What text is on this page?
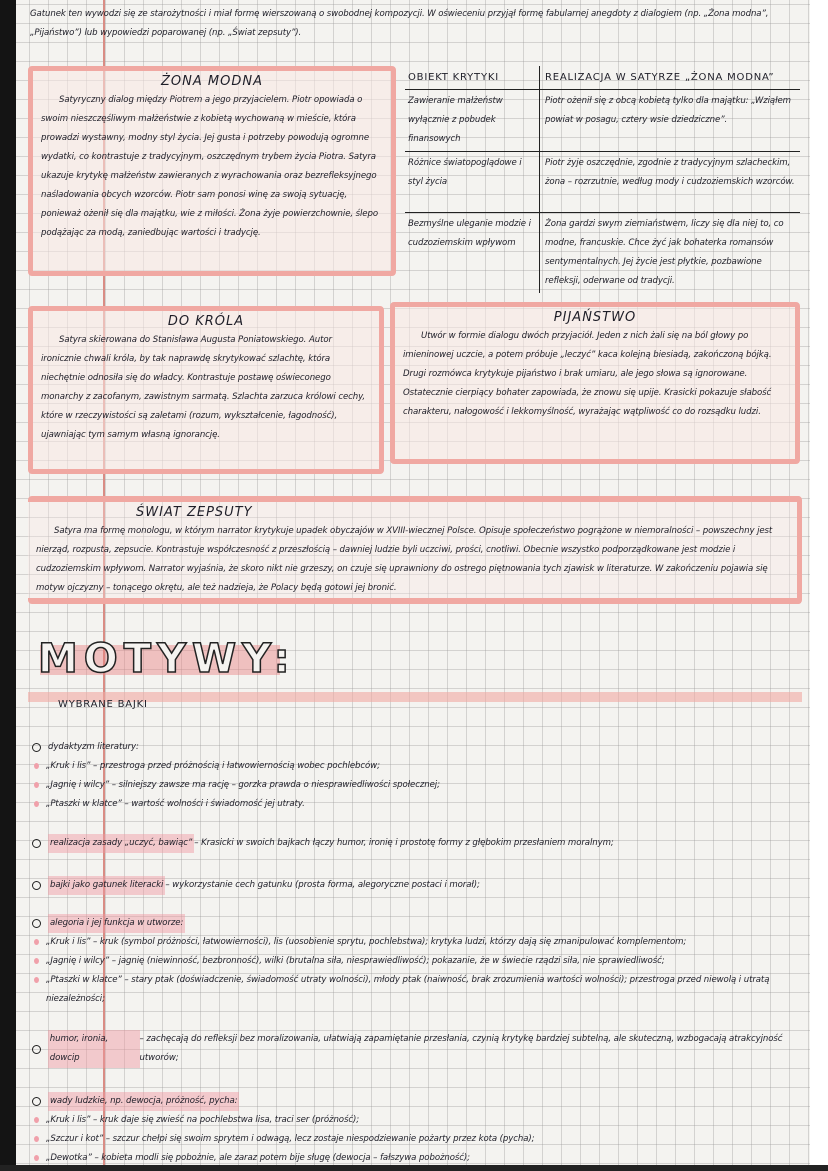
Gatunek ten wywodzi się ze starożytności i miał formę wierszowaną o swobodnej kompozycji. W oświeceniu przyjął formę fabularnej anegdoty z dialogiem (np. „Żona modna”, „Pijaństwo”) lub wypowiedzi poparowanej (np. „Świat zepsuty”).
ŻONA MODNA

Satyryczny dialog między Piotrem a jego przyjacielem. Piotr opowiada o swoim nieszczęśliwym małżeństwie z kobietą wychowaną w mieście, która prowadzi wystawny, modny styl życia. Jej gusta i potrzeby powodują ogromne wydatki, co kontrastuje z tradycyjnym, oszczędnym trybem życia Piotra. Satyra ukazuje krytykę małżeństw zawieranych z wyrachowania oraz bezrefleksyjnego naśladowania obcych wzorców. Piotr sam ponosi winę za swoją sytuację, ponieważ ożenił się dla majątku, wie z miłości. Żona żyje powierzchownie, ślepo podążając za modą, zaniedbując wartości i tradycję.

OBIEKT KRYTYKI	REALIZACJA W SATYRZE „ŻONA MODNA”
Zawieranie małżeństw wyłącznie z pobudek finansowych
Piotr ożenił się z obcą kobietą tylko dla majątku: „Wziąłem powiat w posagu, cztery wsie dziedziczne”.
Różnice światopoglądowe i styl życia
Piotr żyje oszczędnie, zgodnie z tradycyjnym szlacheckim, żona – rozrzutnie, według mody i cudzoziemskich wzorców.
Bezmyślne uleganie modzie i cudzoziemskim wpływom
Żona gardzi swym ziemiaństwem, liczy się dla niej to, co modne, francuskie. Chce żyć jak bohaterka romansów sentymentalnych. Jej życie jest płytkie, pozbawione refleksji, oderwane od tradycji.
DO KRÓLA

Satyra skierowana do Stanisława Augusta Poniatowskiego. Autor ironicznie chwali króla, by tak naprawdę skrytykować szlachtę, która niechętnie odnosiła się do władcy. Kontrastuje postawę oświeconego monarchy z zacofanym, zawistnym sarmatą. Szlachta zarzuca królowi cechy, które w rzeczywistości są zaletami (rozum, wykształcenie, łagodność), ujawniając tym samym własną ignorancję.

PIJAŃSTWO

Utwór w formie dialogu dwóch przyjaciół. Jeden z nich żali się na ból głowy po imieninowej uczcie, a potem próbuje „leczyć” kaca kolejną biesiadą, zakończoną bójką. Drugi rozmówca krytykuje pijaństwo i brak umiaru, ale jego słowa są ignorowane. Ostatecznie cierpiący bohater zapowiada, że znowu się upije. Krasicki pokazuje słabość charakteru, nałogowość i lekkomyślność, wyrażając wątpliwość co do rozsądku ludzi.

ŚWIAT ZEPSUTY

Satyra ma formę monologu, w którym narrator krytykuje upadek obyczajów w XVIII-wiecznej Polsce. Opisuje społeczeństwo pogrążone w niemoralności – powszechny jest nierząd, rozpusta, zepsucie. Kontrastuje współczesność z przeszłością – dawniej ludzie byli uczciwi, prości, cnotliwi. Obecnie wszystko podporządkowane jest modzie i cudzoziemskim wpływom. Narrator wyjaśnia, że skoro nikt nie grzeszy, on czuje się uprawniony do ostrego piętnowania tych zjawisk w literaturze. W zakończeniu pojawia się motyw ojczyzny – tonącego okrętu, ale też nadzieja, że Polacy będą gotowi jej bronić.

MOTYWY:
WYBRANE BAJKI
dydaktyzm literatury:
„Kruk i lis” – przestroga przed próżnością i łatwowiernością wobec pochlebców;
„Jagnię i wilcy” – silniejszy zawsze ma rację – gorzka prawda o niesprawiedliwości społecznej;
„Ptaszki w klatce” – wartość wolności i świadomość jej utraty.
realizacja zasady „uczyć, bawiąc” – Krasicki w swoich bajkach łączy humor, ironię i prostotę formy z głębokim przesłaniem moralnym;
bajki jako gatunek literacki – wykorzystanie cech gatunku (prosta forma, alegoryczne postaci i morał);
alegoria i jej funkcja w utworze:
„Kruk i lis” – kruk (symbol próżności, łatwowierności), lis (uosobienie sprytu, pochlebstwa); krytyka ludzi, którzy dają się zmanipulować komplementom;
„Jagnię i wilcy” – jagnię (niewinność, bezbronność), wilki (brutalna siła, niesprawiedliwość); pokazanie, że w świecie rządzi siła, nie sprawiedliwość;
„Ptaszki w klatce” – stary ptak (doświadczenie, świadomość utraty wolności), młody ptak (naiwność, brak zrozumienia wartości wolności); przestroga przed niewolą i utratą niezależności;
humor, ironia, dowcip
– zachęcają do refleksji bez moralizowania, ułatwiają zapamiętanie przesłania, czynią krytykę bardziej subtelną, ale skuteczną, wzbogacają atrakcyjność utworów;
wady ludzkie, np. dewocja, próżność, pycha:
„Kruk i lis” – kruk daje się zwieść na pochlebstwa lisa, traci ser (próżność);
„Szczur i kot” – szczur chełpi się swoim sprytem i odwagą, lecz zostaje niespodziewanie pożarty przez kota (pycha);
„Dewotka” – kobieta modli się pobożnie, ale zaraz potem bije sługę (dewocja – fałszywa pobożność);
